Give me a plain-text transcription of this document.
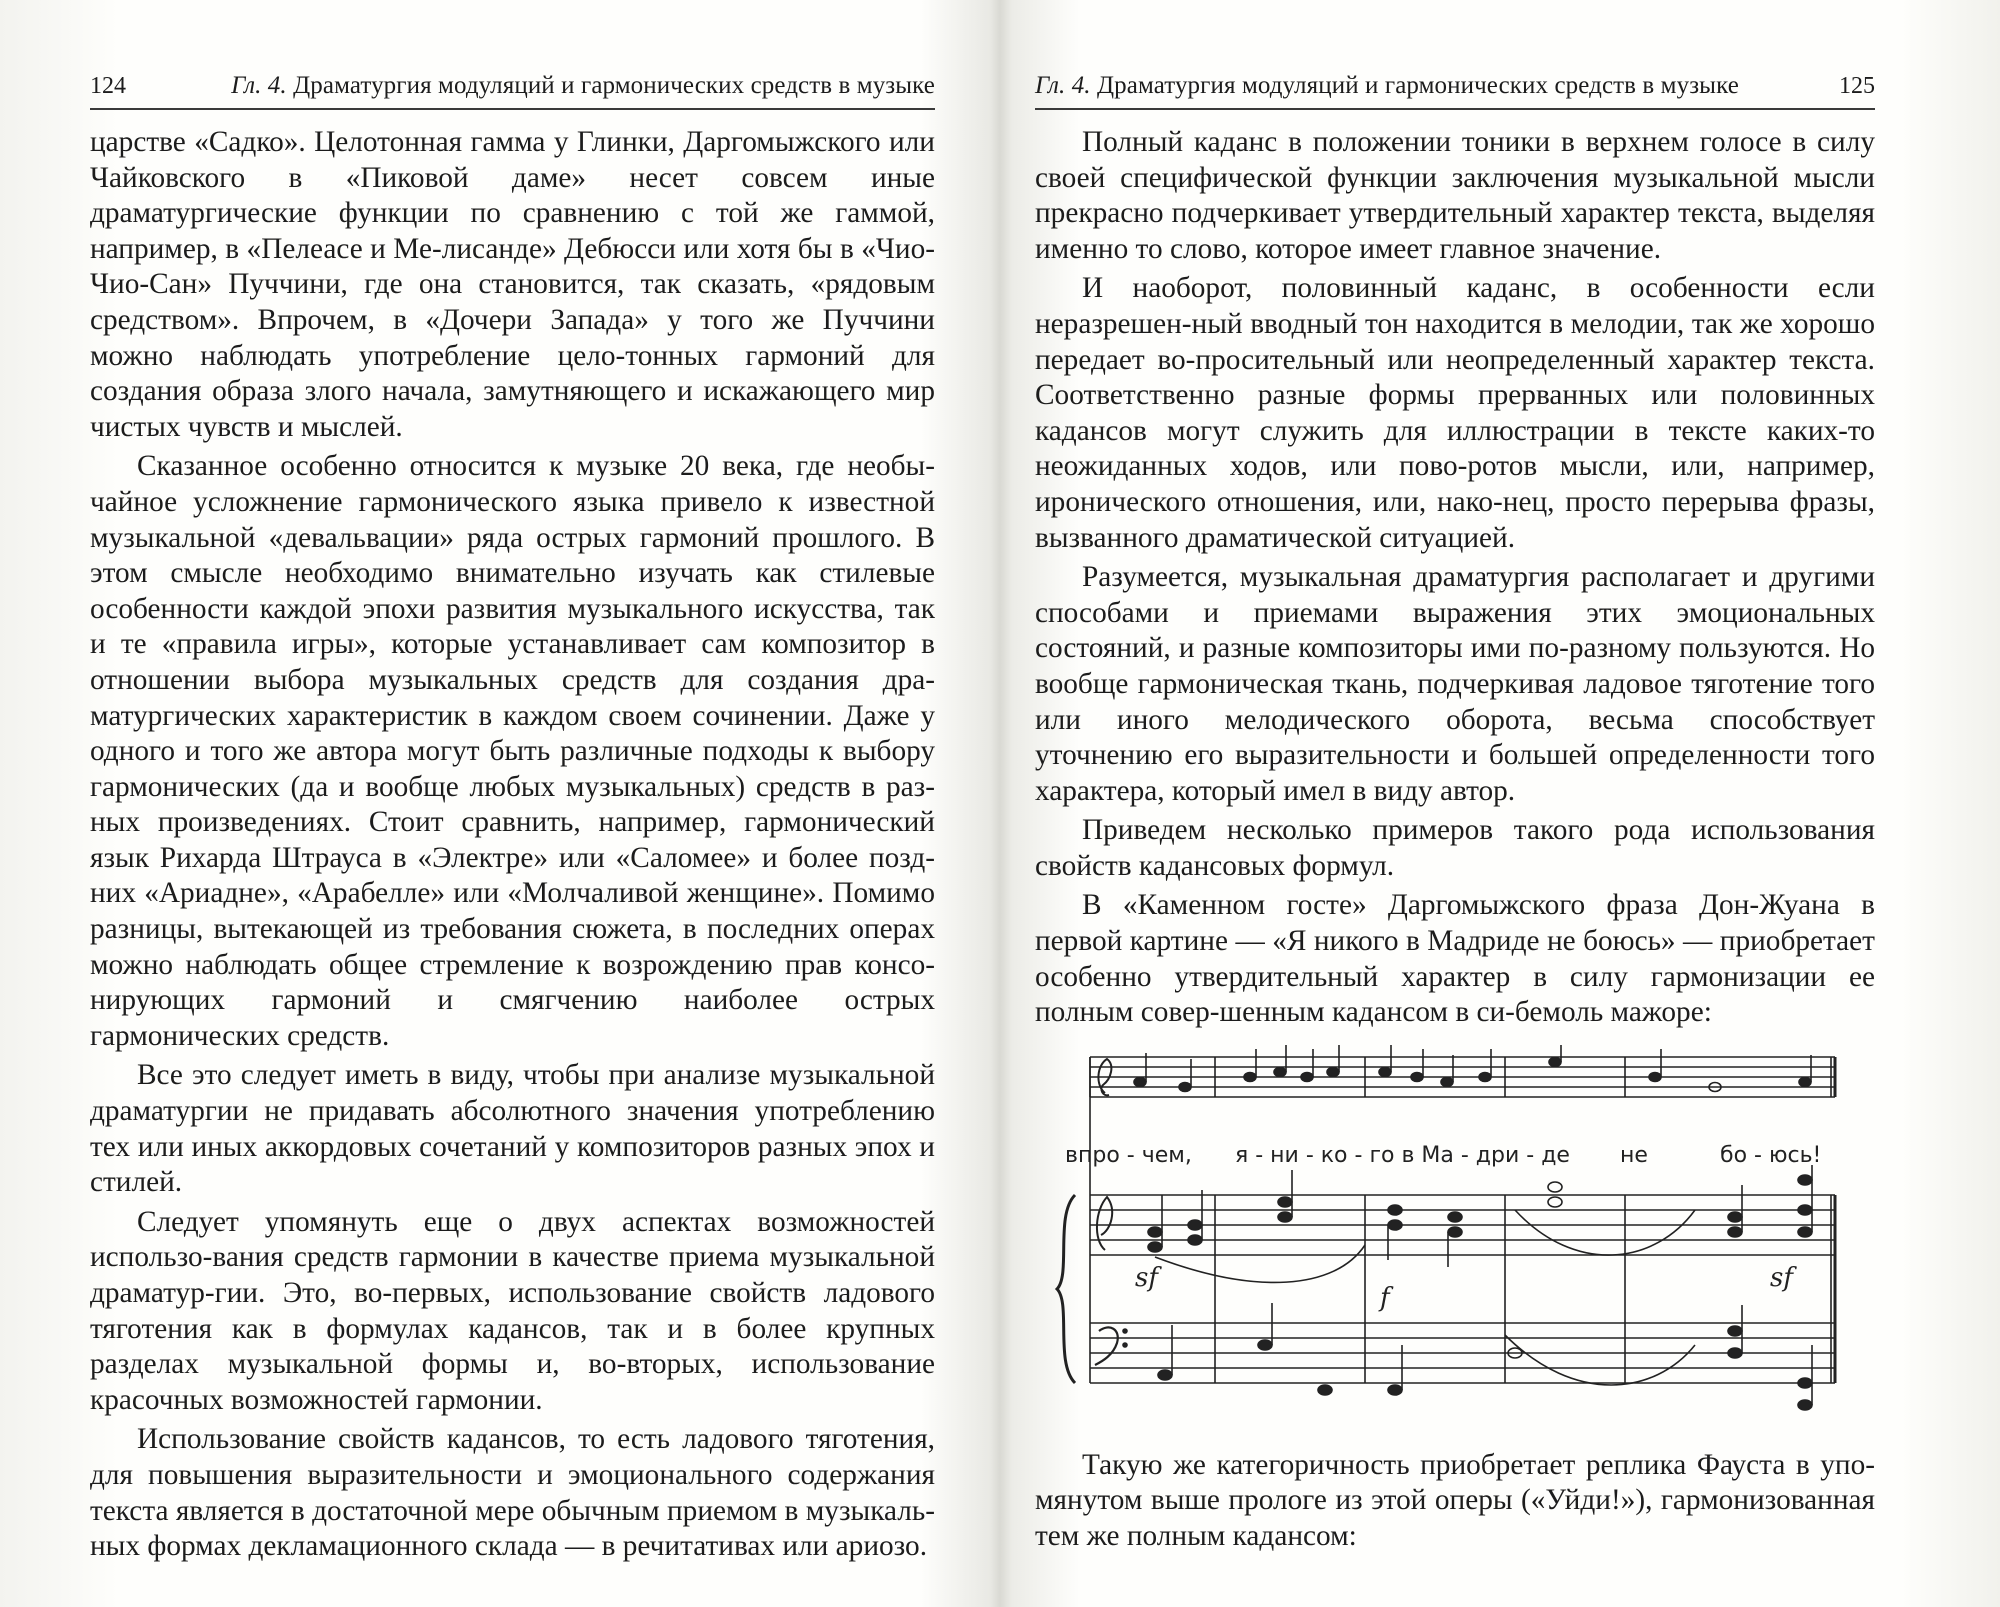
124	Гл. 4. Драматургия модуляций и гармонических средств в музыке

царстве «Садко». Целотонная гамма у Глинки, Даргомыжского или Чайковского в «Пиковой даме» несет совсем иные драматургические функции по сравнению с той же гаммой, например, в «Пелеасе и Ме-лисанде» Дебюсси или хотя бы в «Чио-Чио-Сан» Пуччини, где она становится, так сказать, «рядовым средством». Впрочем, в «Дочери Запада» у того же Пуччини можно наблюдать употребление цело-тонных гармоний для создания образа злого начала, замутняющего и искажающего мир чистых чувств и мыслей.

Сказанное особенно относится к музыке 20 века, где необы-чайное усложнение гармонического языка привело к известной музыкальной «девальвации» ряда острых гармоний прошлого. В этом смысле необходимо внимательно изучать как стилевые особенности каждой эпохи развития музыкального искусства, так и те «правила игры», которые устанавливает сам композитор в отношении выбора музыкальных средств для создания дра-матургических характеристик в каждом своем сочинении. Даже у одного и того же автора могут быть различные подходы к выбору гармонических (да и вообще любых музыкальных) средств в раз-ных произведениях. Стоит сравнить, например, гармонический язык Рихарда Штрауса в «Электре» или «Саломее» и более позд-них «Ариадне», «Арабелле» или «Молчаливой женщине». Помимо разницы, вытекающей из требования сюжета, в последних операх можно наблюдать общее стремление к возрождению прав консо-нирующих гармоний и смягчению наиболее острых гармонических средств.

Все это следует иметь в виду, чтобы при анализе музыкальной драматургии не придавать абсолютного значения употреблению тех или иных аккордовых сочетаний у композиторов разных эпох и стилей.

Следует упомянуть еще о двух аспектах возможностей использо-вания средств гармонии в качестве приема музыкальной драматур-гии. Это, во-первых, использование свойств ладового тяготения как в формулах кадансов, так и в более крупных разделах музыкальной формы и, во-вторых, использование красочных возможностей гармонии.

Использование свойств кадансов, то есть ладового тяготения, для повышения выразительности и эмоционального содержания текста является в достаточной мере обычным приемом в музыкаль-ных формах декламационного склада — в речитативах или ариозо.

Гл. 4. Драматургия модуляций и гармонических средств в музыке	125

Полный каданс в положении тоники в верхнем голосе в силу своей специфической функции заключения музыкальной мысли прекрасно подчеркивает утвердительный характер текста, выделяя именно то слово, которое имеет главное значение.

И наоборот, половинный каданс, в особенности если неразрешен-ный вводный тон находится в мелодии, так же хорошо передает во-просительный или неопределенный характер текста. Соответственно разные формы прерванных или половинных кадансов могут служить для иллюстрации в тексте каких-то неожиданных ходов, или пово-ротов мысли, или, например, иронического отношения, или, нако-нец, просто перерыва фразы, вызванного драматической ситуацией.

Разумеется, музыкальная драматургия располагает и другими способами и приемами выражения этих эмоциональных состояний, и разные композиторы ими по-разному пользуются. Но вообще гармоническая ткань, подчеркивая ладовое тяготение того или иного мелодического оборота, весьма способствует уточнению его выразительности и большей определенности того характера, который имел в виду автор.

Приведем несколько примеров такого рода использования свойств кадансовых формул.

В «Каменном госте» Даргомыжского фраза Дон-Жуана в первой картине — «Я никого в Мадриде не боюсь» — приобретает особенно утвердительный характер в силу гармонизации ее полным совер-шенным кадансом в си-бемоль мажоре:

впро - чем, я - ни - ко - го в Ма - дри - де не	бо - юсь!
sf
f
sf

Такую же категоричность приобретает реплика Фауста в упо-мянутом выше прологе из этой оперы («Уйди!»), гармонизованная тем же полным кадансом:
